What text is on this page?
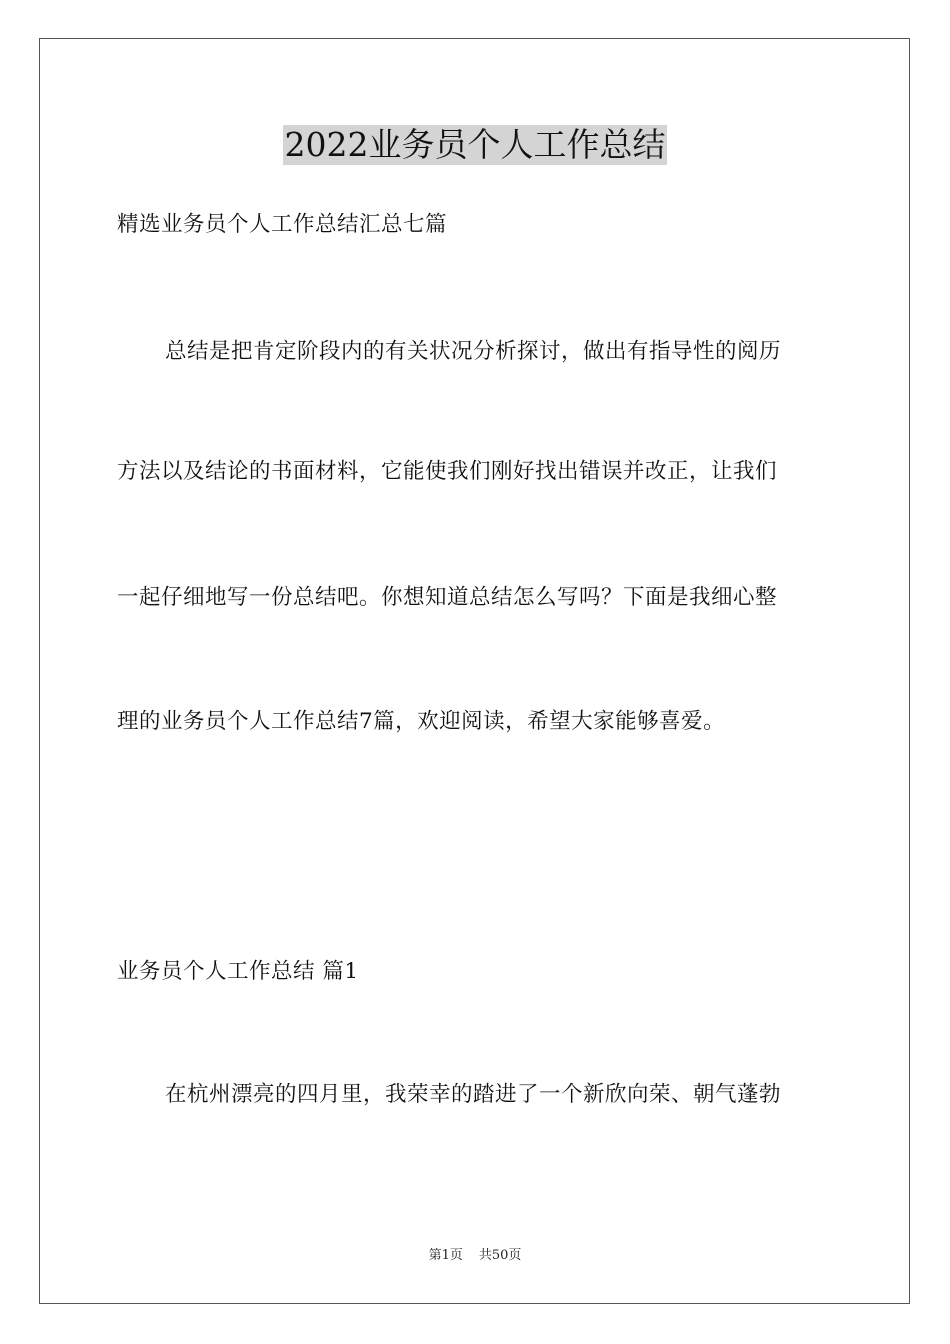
2022业务员个人工作总结
精选业务员个人工作总结汇总七篇
总结是把肯定阶段内的有关状况分析探讨，做出有指导性的阅历
方法以及结论的书面材料，它能使我们刚好找出错误并改正，让我们
一起仔细地写一份总结吧。你想知道总结怎么写吗？下面是我细心整
理的业务员个人工作总结7篇，欢迎阅读，希望大家能够喜爱。
业务员个人工作总结 篇1
在杭州漂亮的四月里，我荣幸的踏进了一个新欣向荣、朝气蓬勃
第1页 共50页
